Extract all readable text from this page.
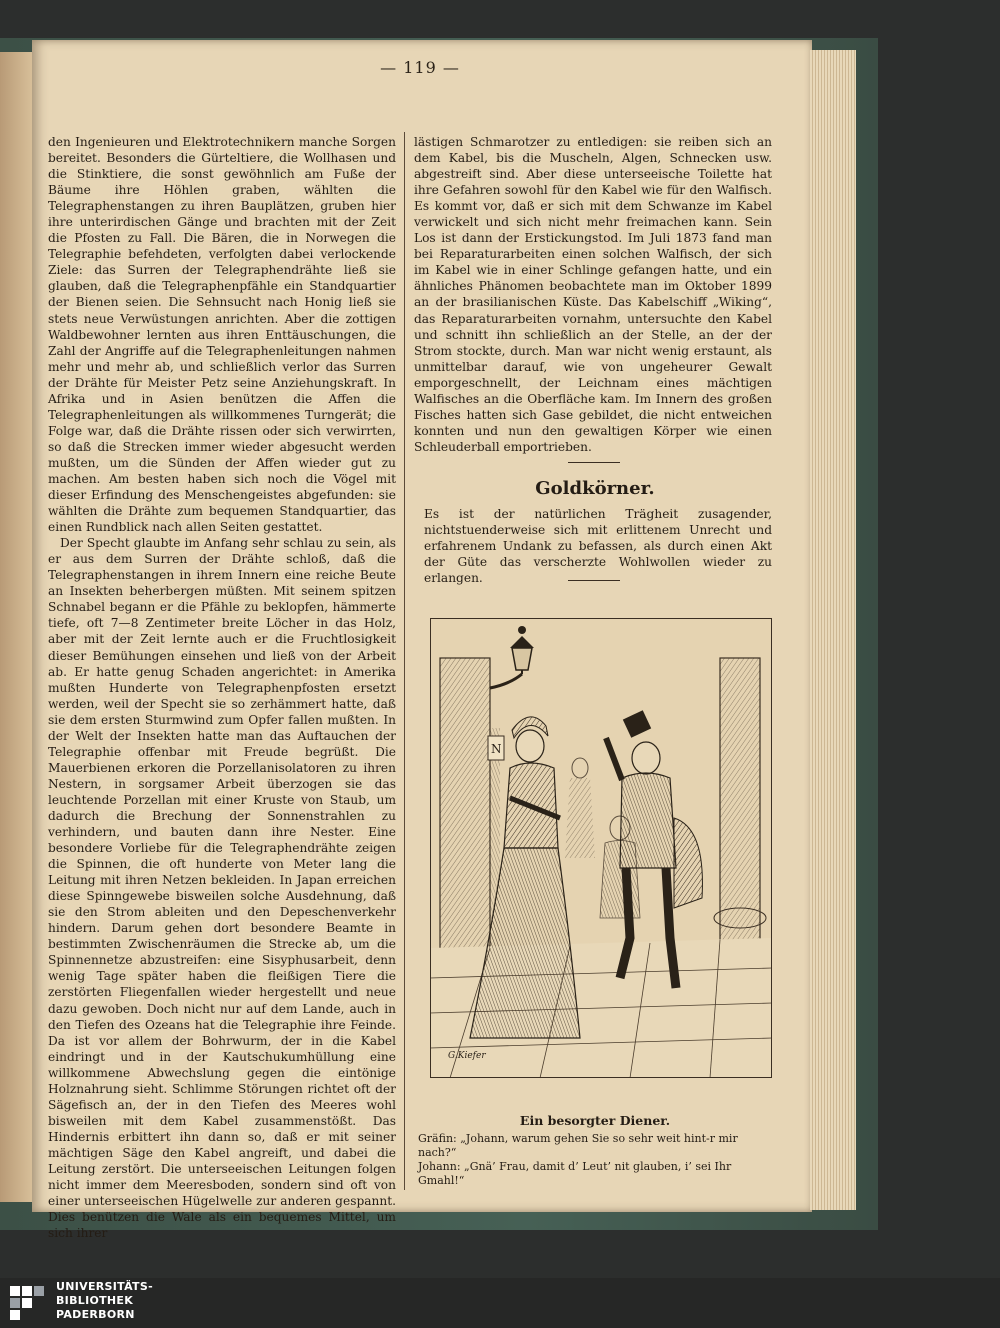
— 119 —

den Ingenieuren und Elektrotechnikern manche Sorgen bereitet. Besonders die Gürteltiere, die Wollhasen und die Stinktiere, die sonst gewöhnlich am Fuße der Bäume ihre Höhlen graben, wählten die Telegraphenstangen zu ihren Bauplätzen, gruben hier ihre unterirdischen Gänge und brachten mit der Zeit die Pfosten zu Fall. Die Bären, die in Norwegen die Telegraphie befehdeten, verfolgten dabei verlockende Ziele: das Surren der Telegraphendrähte ließ sie glauben, daß die Telegraphenpfähle ein Standquartier der Bienen seien. Die Sehnsucht nach Honig ließ sie stets neue Verwüstungen anrichten. Aber die zottigen Waldbewohner lernten aus ihren Enttäuschungen, die Zahl der Angriffe auf die Telegraphenleitungen nahmen mehr und mehr ab, und schließlich verlor das Surren der Drähte für Meister Petz seine Anziehungskraft. In Afrika und in Asien benützen die Affen die Telegraphenleitungen als willkommenes Turngerät; die Folge war, daß die Drähte rissen oder sich verwirrten, so daß die Strecken immer wieder abgesucht werden mußten, um die Sünden der Affen wieder gut zu machen. Am besten haben sich noch die Vögel mit dieser Erfindung des Menschengeistes abgefunden: sie wählten die Drähte zum bequemen Standquartier, das einen Rundblick nach allen Seiten gestattet.

Der Specht glaubte im Anfang sehr schlau zu sein, als er aus dem Surren der Drähte schloß, daß die Telegraphenstangen in ihrem Innern eine reiche Beute an Insekten beherbergen müßten. Mit seinem spitzen Schnabel begann er die Pfähle zu beklopfen, hämmerte tiefe, oft 7—8 Zentimeter breite Löcher in das Holz, aber mit der Zeit lernte auch er die Fruchtlosigkeit dieser Bemühungen einsehen und ließ von der Arbeit ab. Er hatte genug Schaden angerichtet: in Amerika mußten Hunderte von Telegraphenpfosten ersetzt werden, weil der Specht sie so zerhämmert hatte, daß sie dem ersten Sturmwind zum Opfer fallen mußten. In der Welt der Insekten hatte man das Auftauchen der Telegraphie offenbar mit Freude begrüßt. Die Mauerbienen erkoren die Porzellanisolatoren zu ihren Nestern, in sorgsamer Arbeit überzogen sie das leuchtende Porzellan mit einer Kruste von Staub, um dadurch die Brechung der Sonnenstrahlen zu verhindern, und bauten dann ihre Nester. Eine besondere Vorliebe für die Telegraphendrähte zeigen die Spinnen, die oft hunderte von Meter lang die Leitung mit ihren Netzen bekleiden. In Japan erreichen diese Spinngewebe bisweilen solche Ausdehnung, daß sie den Strom ableiten und den Depeschenverkehr hindern. Darum gehen dort besondere Beamte in bestimmten Zwischenräumen die Strecke ab, um die Spinnennetze abzustreifen: eine Sisyphusarbeit, denn wenig Tage später haben die fleißigen Tiere die zerstörten Fliegenfallen wieder hergestellt und neue dazu gewoben. Doch nicht nur auf dem Lande, auch in den Tiefen des Ozeans hat die Telegraphie ihre Feinde. Da ist vor allem der Bohrwurm, der in die Kabel eindringt und in der Kautschukumhüllung eine willkommene Abwechslung gegen die eintönige Holznahrung sieht. Schlimme Störungen richtet oft der Sägefisch an, der in den Tiefen des Meeres wohl bisweilen mit dem Kabel zusammenstößt. Das Hindernis erbittert ihn dann so, daß er mit seiner mächtigen Säge den Kabel angreift, und dabei die Leitung zerstört. Die unterseeischen Leitungen folgen nicht immer dem Meeresboden, sondern sind oft von einer unterseeischen Hügelwelle zur anderen gespannt. Dies benützen die Wale als ein bequemes Mittel, um sich ihrer

lästigen Schmarotzer zu entledigen: sie reiben sich an dem Kabel, bis die Muscheln, Algen, Schnecken usw. abgestreift sind. Aber diese unterseeische Toilette hat ihre Gefahren sowohl für den Kabel wie für den Walfisch. Es kommt vor, daß er sich mit dem Schwanze im Kabel verwickelt und sich nicht mehr freimachen kann. Sein Los ist dann der Erstickungstod. Im Juli 1873 fand man bei Reparaturarbeiten einen solchen Walfisch, der sich im Kabel wie in einer Schlinge gefangen hatte, und ein ähnliches Phänomen beobachtete man im Oktober 1899 an der brasilianischen Küste. Das Kabelschiff „Wiking“, das Reparaturarbeiten vornahm, untersuchte den Kabel und schnitt ihn schließlich an der Stelle, an der der Strom stockte, durch. Man war nicht wenig erstaunt, als unmittelbar darauf, wie von ungeheurer Gewalt emporgeschnellt, der Leichnam eines mächtigen Walfisches an die Oberfläche kam. Im Innern des großen Fisches hatten sich Gase gebildet, die nicht entweichen konnten und nun den gewaltigen Körper wie einen Schleuderball emportrieben.

Goldkörner.

Es ist der natürlichen Trägheit zusagender, nichtstuenderweise sich mit erlittenem Unrecht und erfahrenem Undank zu befassen, als durch einen Akt der Güte das verscherzte Wohlwollen wieder zu erlangen.

N
G.Kiefer
Ein besorgter Diener.
Gräfin: „Johann, warum gehen Sie so sehr weit hint-r mir nach?“
Johann: „Gnä’ Frau, damit d’ Leut’ nit glauben, i’ sei Ihr Gmahl!“
UNIVERSITÄTS-
BIBLIOTHEK
PADERBORN
